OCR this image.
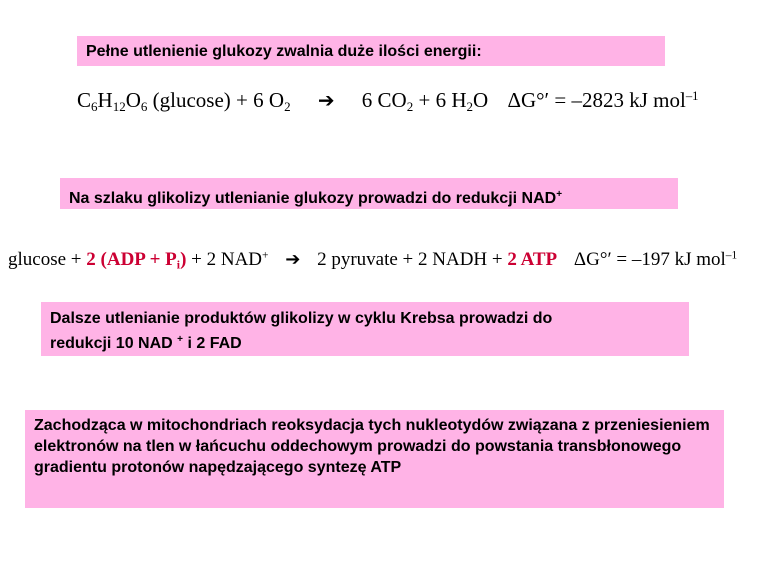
Pełne utlenienie glukozy zwalnia duże ilości energii:
C6H12O6 (glucose) + 6 O2 ➔ 6 CO2 + 6 H2O ΔG°′ = –2823 kJ mol$^{-1}$
Na szlaku glikolizy utlenianie glukozy prowadzi do redukcji NAD+
glucose + 2 (ADP + Pi) + 2 NAD+ ➔ 2 pyruvate + 2 NADH + 2 ATP ΔG°′ = –197 kJ mol$^{-1}$
Dalsze utlenianie produktów glikolizy w cyklu Krebsa prowadzi do
redukcji 10 NAD + i 2 FAD
Zachodząca w mitochondriach reoksydacja tych nukleotydów związana z przeniesieniem elektronów na tlen w łańcuchu oddechowym prowadzi do powstania transbłonowego gradientu protonów napędzającego syntezę ATP
